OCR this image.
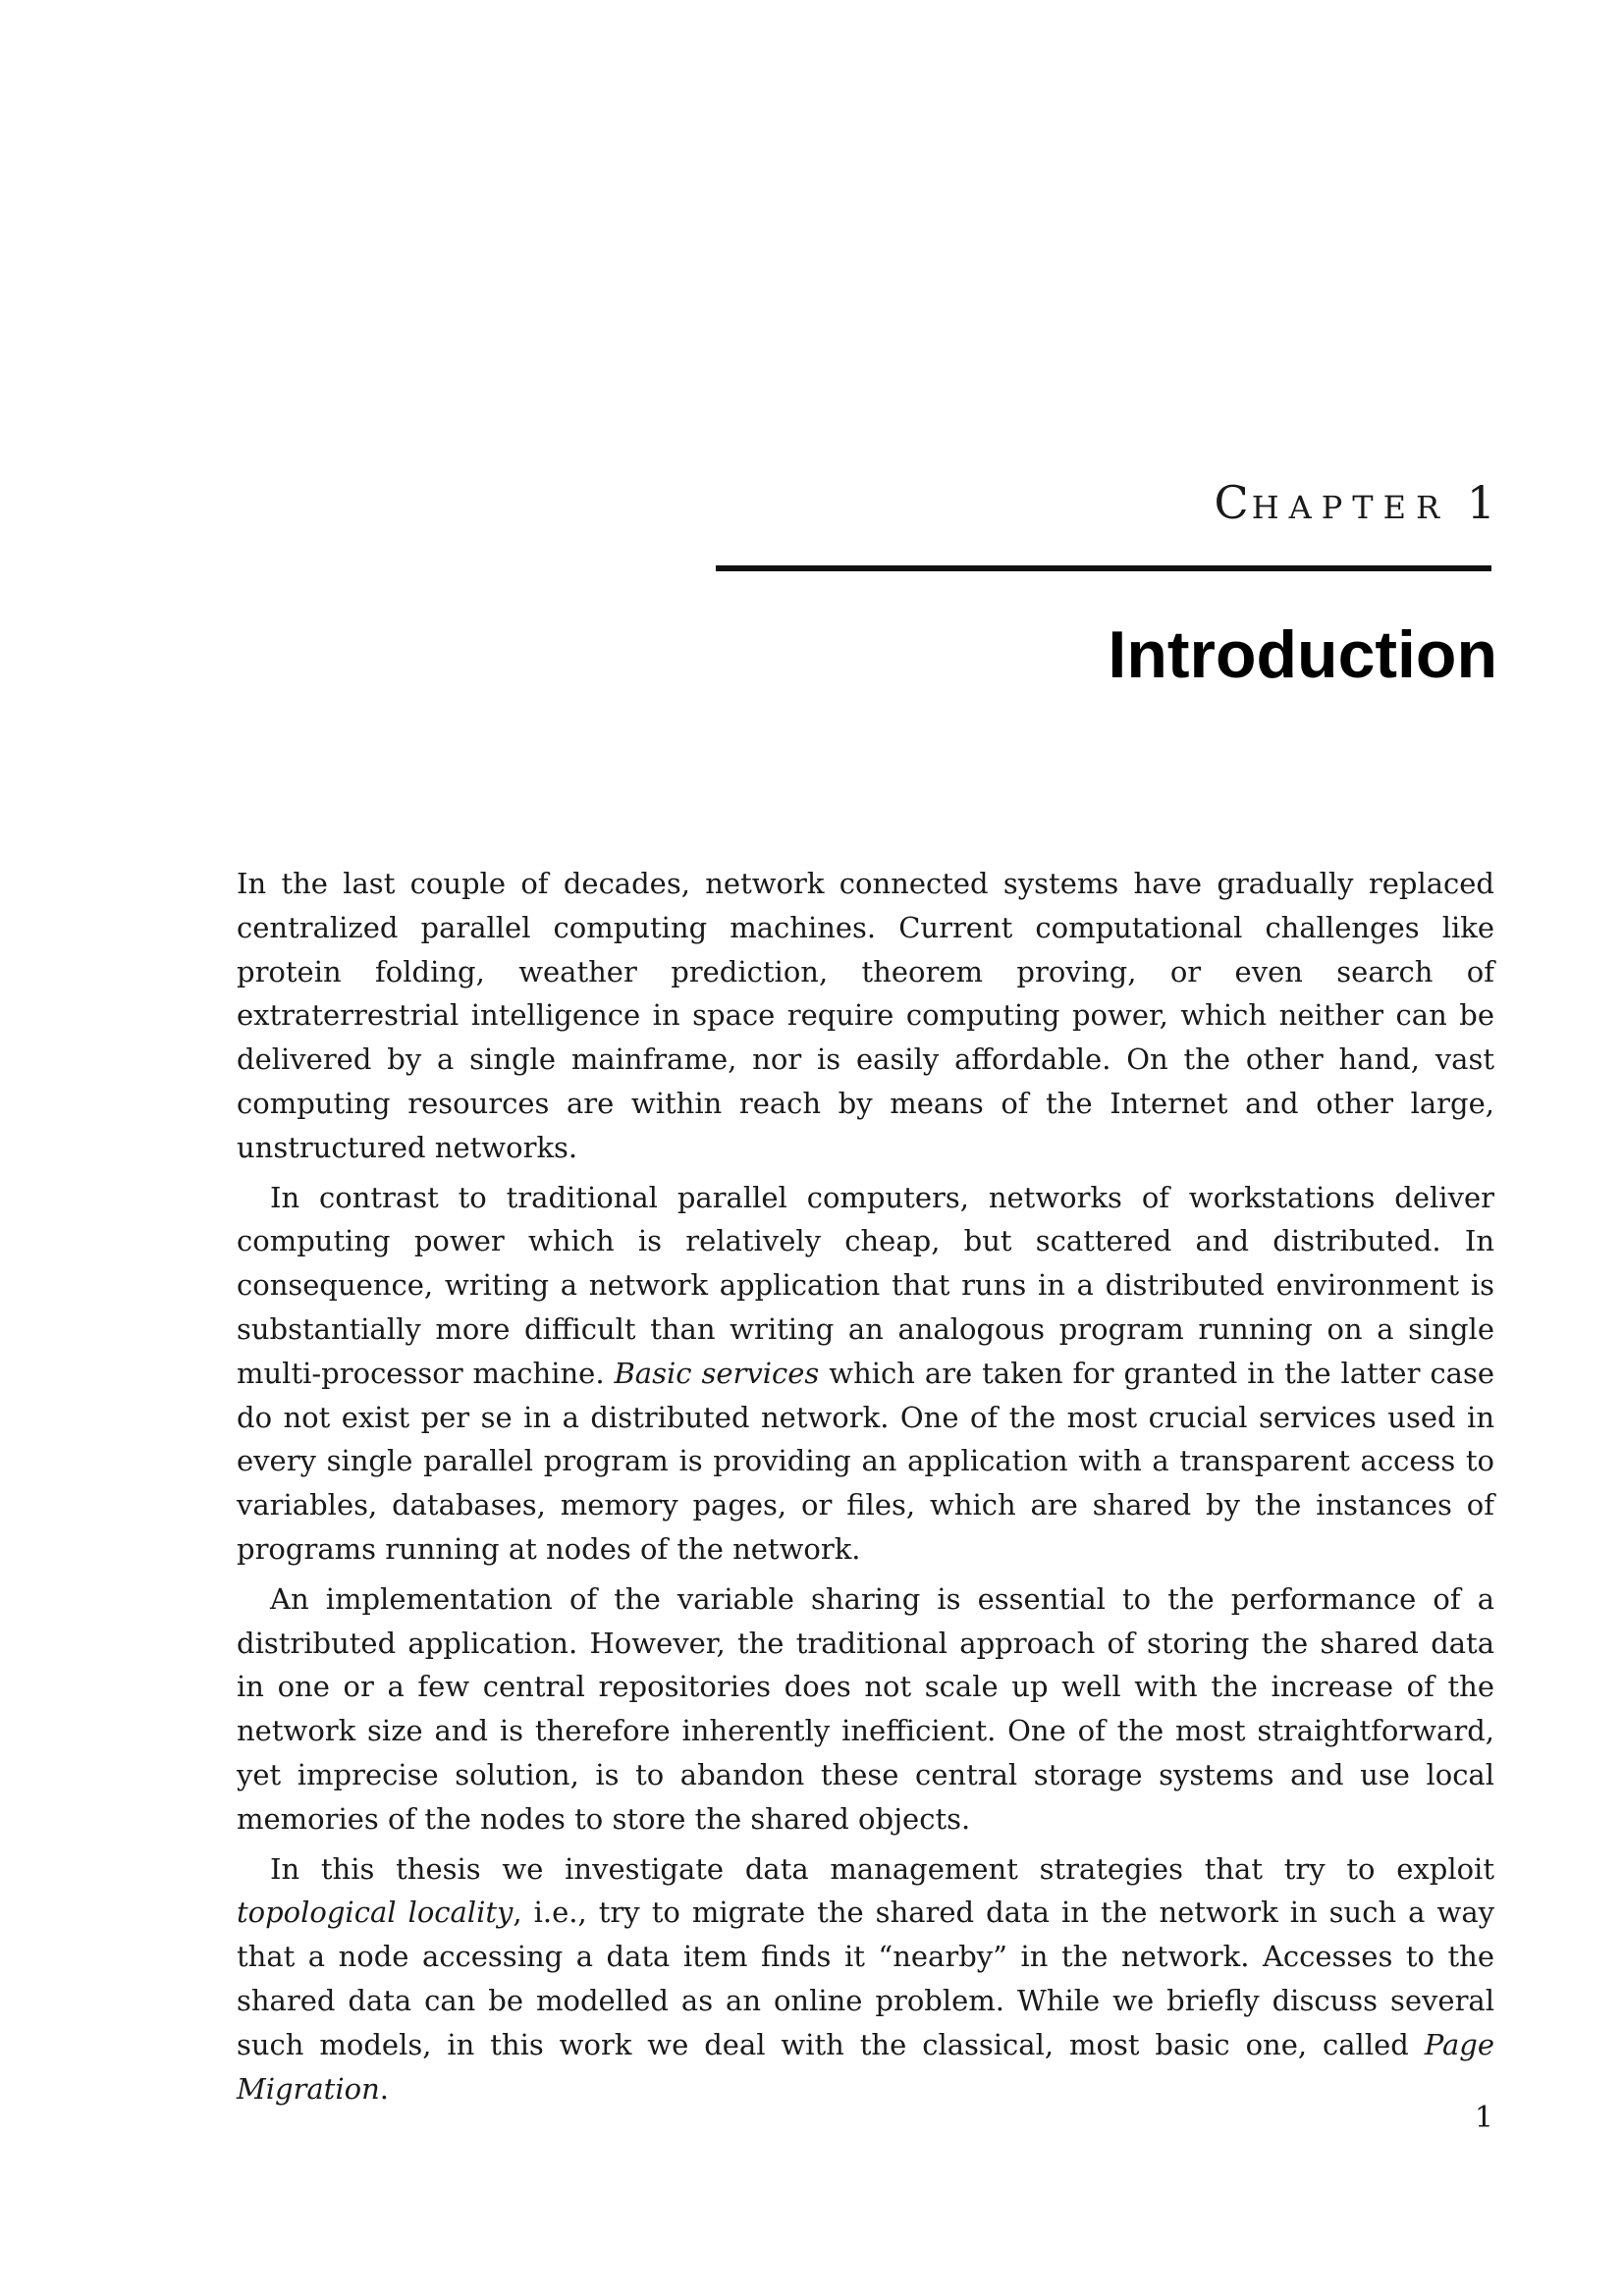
Chapter 1
Introduction

In the last couple of decades, network connected systems have gradually replaced centralized parallel computing machines. Current computational challenges like protein folding, weather prediction, theorem proving, or even search of extraterrestrial intelligence in space require computing power, which neither can be delivered by a single mainframe, nor is easily affordable. On the other hand, vast computing resources are within reach by means of the Internet and other large, unstructured networks.

In contrast to traditional parallel computers, networks of workstations deliver computing power which is relatively cheap, but scattered and distributed. In consequence, writing a network application that runs in a distributed environment is substantially more difficult than writing an analogous program running on a single multi-processor machine. Basic services which are taken for granted in the latter case do not exist per se in a distributed network. One of the most crucial services used in every single parallel program is providing an application with a transparent access to variables, databases, memory pages, or files, which are shared by the instances of programs running at nodes of the network.

An implementation of the variable sharing is essential to the performance of a distributed application. However, the traditional approach of storing the shared data in one or a few central repositories does not scale up well with the increase of the network size and is therefore inherently inefficient. One of the most straightforward, yet imprecise solution, is to abandon these central storage systems and use local memories of the nodes to store the shared objects.

In this thesis we investigate data management strategies that try to exploit topological locality, i.e., try to migrate the shared data in the network in such a way that a node accessing a data item finds it “nearby” in the network. Accesses to the shared data can be modelled as an online problem. While we briefly discuss several such models, in this work we deal with the classical, most basic one, called Page Migration.

1
